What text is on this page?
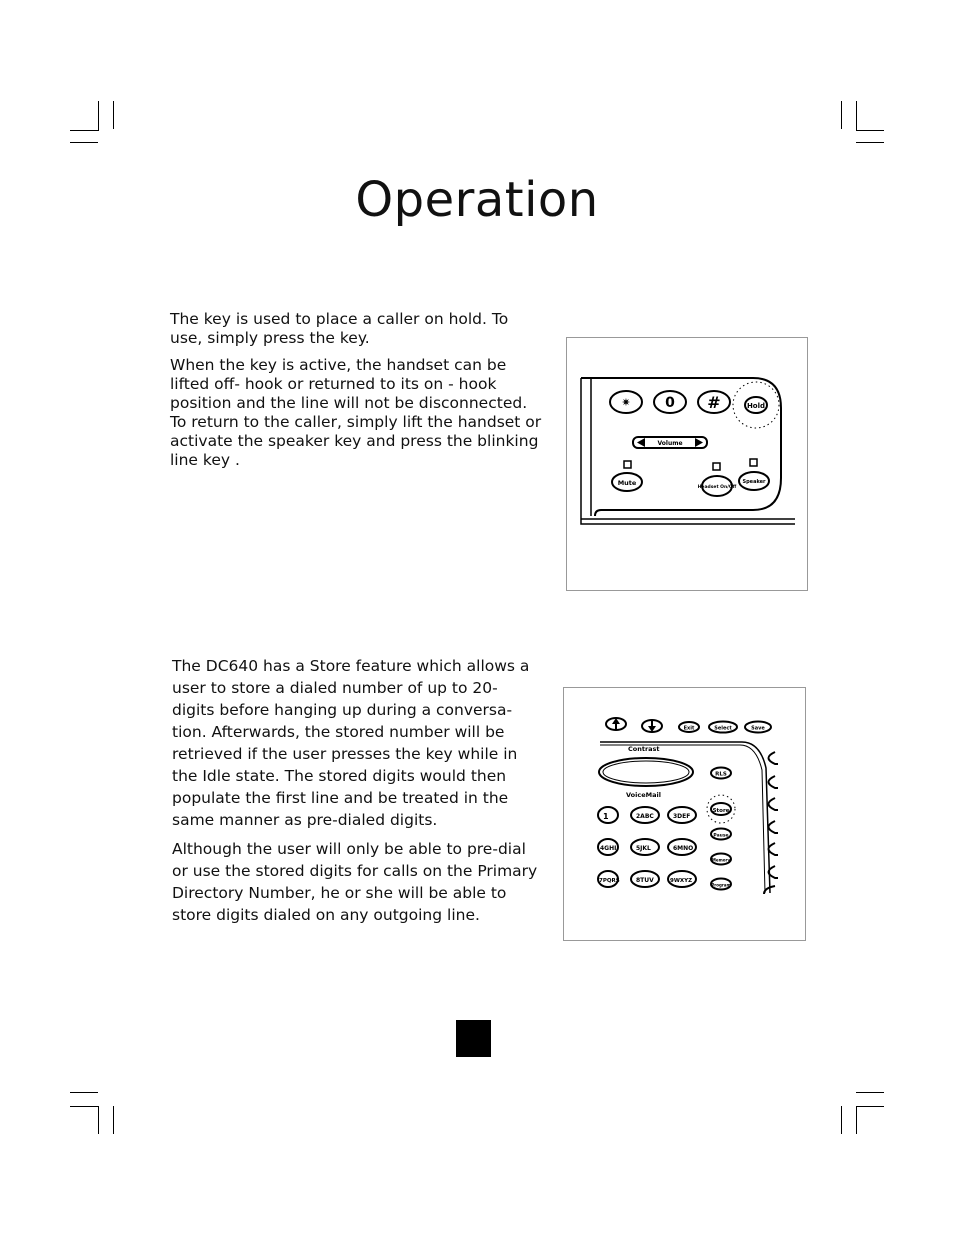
Operation

The key is used to place a caller on hold. To use, simply press the key.

When the key is active, the handset can be lifted off- hook or returned to its on - hook position and the line will not be disconnected. To return to the caller, simply lift the handset or activate the speaker key and press the blinking line key .

✷ 0 #	Hold
Volume
Mute
Headset On/Off
Speaker

The DC640 has a Store feature which allows a user to store a dialed number of up to 20- digits before hanging up during a conversa- tion. Afterwards, the stored number will be retrieved if the user presses the key while in the Idle state. The stored digits would then populate the first line and be treated in the same manner as pre-dialed digits.

Although the user will only be able to pre-dial or use the stored digits for calls on the Primary Directory Number, he or she will be able to store digits dialed on any outgoing line.

Exit	Select	Save
Contrast
RLS
VoiceMail
Store
Pause
Memory
Program
1	2ABC	3DEF
4GHI	5JKL	6MNO
7PQRS	8TUV	9WXYZ
